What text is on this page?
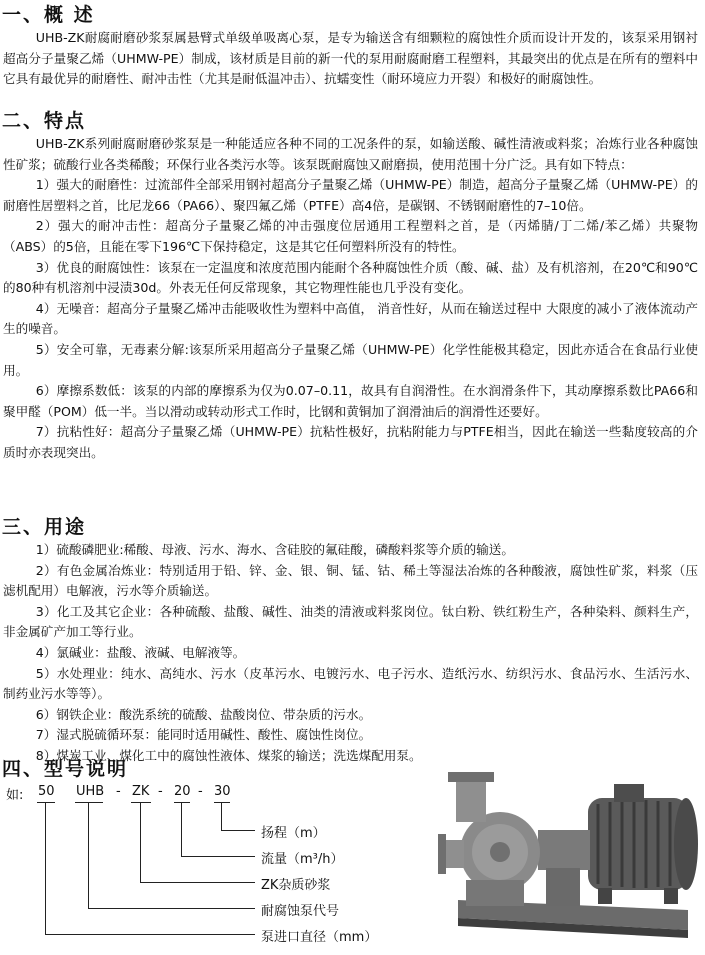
一、概 述

UHB-ZK耐腐耐磨砂浆泵属悬臂式单级单吸离心泵，是专为输送含有细颗粒的腐蚀性介质而设计开发的，该泵采用钢衬超高分子量聚乙烯（UHMW-PE）制成，该材质是目前的新一代的泵用耐腐耐磨工程塑料，其最突出的优点是在所有的塑料中它具有最优异的耐磨性、耐冲击性（尤其是耐低温冲击）、抗蠕变性（耐环境应力开裂）和极好的耐腐蚀性。

二、特点

UHB-ZK系列耐腐耐磨砂浆泵是一种能适应各种不同的工况条件的泵，如输送酸、碱性清液或料浆；冶炼行业各种腐蚀性矿浆；硫酸行业各类稀酸；环保行业各类污水等。该泵既耐腐蚀又耐磨损，使用范围十分广泛。具有如下特点：

1）强大的耐磨性：过流部件全部采用钢衬超高分子量聚乙烯（UHMW-PE）制造，超高分子量聚乙烯（UHMW-PE）的耐磨性居塑料之首，比尼龙66（PA66）、聚四氟乙烯（PTFE）高4倍，是碳钢、不锈钢耐磨性的7–10倍。

2）强大的耐冲击性：超高分子量聚乙烯的冲击强度位居通用工程塑料之首，是（丙烯腈/丁二烯/苯乙烯）共聚物（ABS）的5倍，且能在零下196℃下保持稳定，这是其它任何塑料所没有的特性。

3）优良的耐腐蚀性：该泵在一定温度和浓度范围内能耐个各种腐蚀性介质（酸、碱、盐）及有机溶剂，在20℃和90℃的80种有机溶剂中浸渍30d。外表无任何反常现象，其它物理性能也几乎没有变化。

4）无噪音：超高分子量聚乙烯冲击能吸收性为塑料中高值， 消音性好，从而在输送过程中 大限度的减小了液体流动产生的噪音。

5）安全可靠，无毒素分解:该泵所采用超高分子量聚乙烯（UHMW-PE）化学性能极其稳定，因此亦适合在食品行业使用。

6）摩擦系数低：该泵的内部的摩擦系为仅为0.07–0.11，故具有自润滑性。在水润滑条件下，其动摩擦系数比PA66和聚甲醛（POM）低一半。当以滑动或转动形式工作时，比钢和黄铜加了润滑油后的润滑性还要好。

7）抗粘性好：超高分子量聚乙烯（UHMW-PE）抗粘性极好，抗粘附能力与PTFE相当，因此在输送一些黏度较高的介质时亦表现突出。

三、用途

1）硫酸磷肥业:稀酸、母液、污水、海水、含硅胶的氟硅酸，磷酸料浆等介质的输送。

2）有色金属冶炼业：特别适用于铅、锌、金、银、铜、锰、钴、稀土等湿法冶炼的各种酸液，腐蚀性矿浆，料浆（压滤机配用）电解液，污水等介质输送。

3）化工及其它企业：各种硫酸、盐酸、碱性、油类的清液或料浆岗位。钛白粉、铁红粉生产，各种染料、颜料生产，非金属矿产加工等行业。

4）氯碱业：盐酸、液碱、电解液等。

5）水处理业：纯水、高纯水、污水（皮革污水、电镀污水、电子污水、造纸污水、纺织污水、食品污水、生活污水、制药业污水等等）。

6）钢铁企业：酸洗系统的硫酸、盐酸岗位、带杂质的污水。

7）湿式脱硫循环泵：能同时适用碱性、酸性、腐蚀性岗位。

8）煤炭工业、煤化工中的腐蚀性液体、煤浆的输送；洗选煤配用泵。

四、型号说明
如: 50 UHB - ZK - 20 - 30
扬程（m）
流量（m³/h）
ZK杂质砂浆
耐腐蚀泵代号
泵进口直径（mm）
